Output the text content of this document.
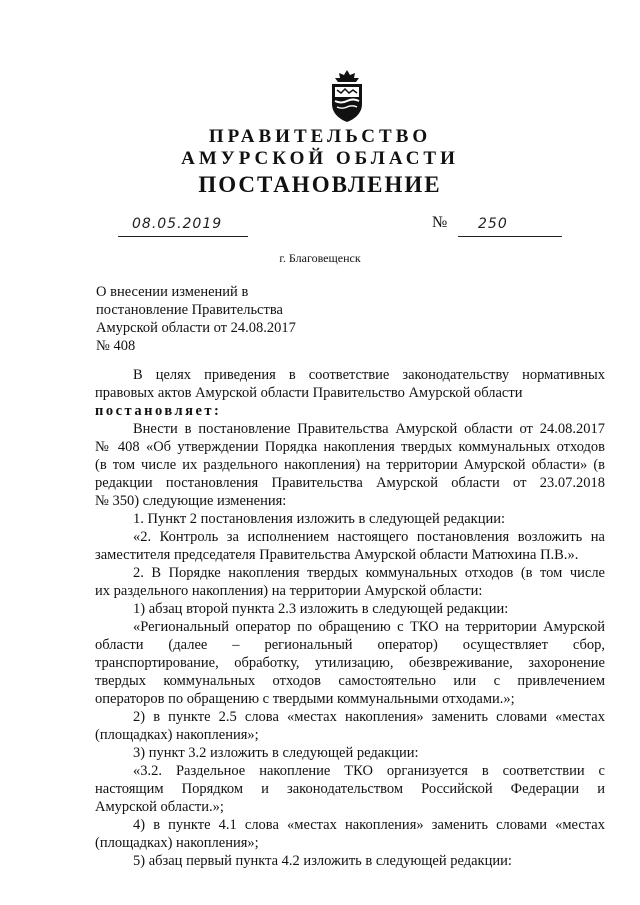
ПРАВИТЕЛЬСТВО
АМУРСКОЙ ОБЛАСТИ
ПОСТАНОВЛЕНИЕ
08.05.2019	№ 250
г. Благовещенск
О внесении изменений в
постановление Правительства
Амурской области от 24.08.2017
№ 408
В целях приведения в соответствие законодательству нормативных
правовых актов Амурской области Правительство Амурской области
постановляет:
Внести в постановление Правительства Амурской области от 24.08.2017
№ 408 «Об утверждении Порядка накопления твердых коммунальных отходов
(в том числе их раздельного накопления) на территории Амурской области» (в
редакции постановления Правительства Амурской области от 23.07.2018
№ 350) следующие изменения:
1. Пункт 2 постановления изложить в следующей редакции:
«2. Контроль за исполнением настоящего постановления возложить на
заместителя председателя Правительства Амурской области Матюхина П.В.».
2. В Порядке накопления твердых коммунальных отходов (в том числе
их раздельного накопления) на территории Амурской области:
1) абзац второй пункта 2.3 изложить в следующей редакции:
«Региональный оператор по обращению с ТКО на территории Амурской
области (далее – региональный оператор) осуществляет сбор,
транспортирование, обработку, утилизацию, обезвреживание, захоронение
твердых коммунальных отходов самостоятельно или с привлечением
операторов по обращению с твердыми коммунальными отходами.»;
2) в пункте 2.5 слова «местах накопления» заменить словами «местах
(площадках) накопления»;
3) пункт 3.2 изложить в следующей редакции:
«3.2. Раздельное накопление ТКО организуется в соответствии с
настоящим Порядком и законодательством Российской Федерации и
Амурской области.»;
4) в пункте 4.1 слова «местах накопления» заменить словами «местах
(площадках) накопления»;
5) абзац первый пункта 4.2 изложить в следующей редакции:
